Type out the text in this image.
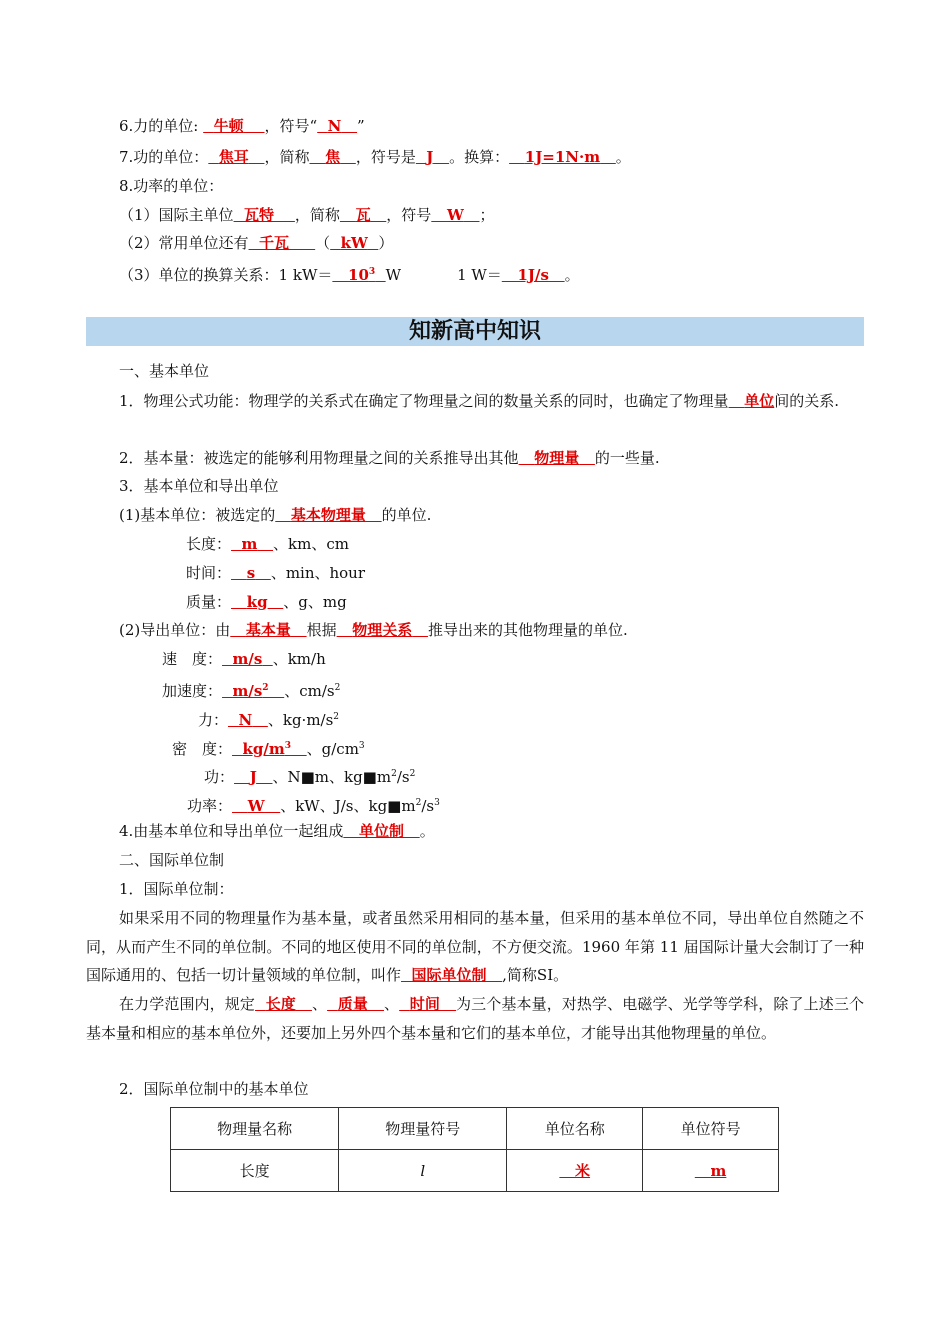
6.力的单位: 牛顿 ，符号“ N ”
7.功的单位： 焦耳 ，简称 焦 ，符号是 J 。换算： 1J=1N·m 。
8.功率的单位：
（1）国际主单位 瓦特 ，简称 瓦 ，符号 W ；
（2）常用单位还有 千瓦 （ kW ）
（3）单位的换算关系：1 $kW= 10^3$ W	1 W＝ 1J/s 。
知新高中知识
一、基本单位
1．物理公式功能：物理学的关系式在确定了物理量之间的数量关系的同时，也确定了物理量 单位间的关系.
2．基本量：被选定的能够利用物理量之间的关系推导出其他 物理量 的一些量.
3．基本单位和导出单位
(1)基本单位：被选定的 基本物理量 的单位.
长度： m 、km、cm
时间： s 、min、hour
质量： kg 、g、mg
(2)导出单位：由 基本量 根据 物理关系 推导出来的其他物理量的单位.
速　度： m/s 、km/h
加速度： $m/s^2$ 、$cm/s^2$
力： N 、$kg\cdot m/s^2$
密　度： $kg/m^3$ 、$g/cm^3$
功： J 、N■m、$kg■m^2/s^2$
功率： W 、kW、J/s、$kg■m^2/s^3$
4.由基本单位和导出单位一起组成 单位制 。
二、国际单位制
1．国际单位制：
如果采用不同的物理量作为基本量，或者虽然采用相同的基本量，但采用的基本单位不同，导出单位自然随之不同，从而产生不同的单位制。不同的地区使用不同的单位制，不方便交流。1960 年第 11 届国际计量大会制订了一种国际通用的、包括一切计量领域的单位制，叫作 国际单位制 ,简称SI。
在力学范围内，规定 长度 、 质量 、 时间 为三个基本量，对热学、电磁学、光学等学科，除了上述三个基本量和相应的基本单位外，还要加上另外四个基本量和它们的基本单位，才能导出其他物理量的单位。
2．国际单位制中的基本单位
物理量名称	物理量符号	单位名称	单位符号
长度	l	米	m
